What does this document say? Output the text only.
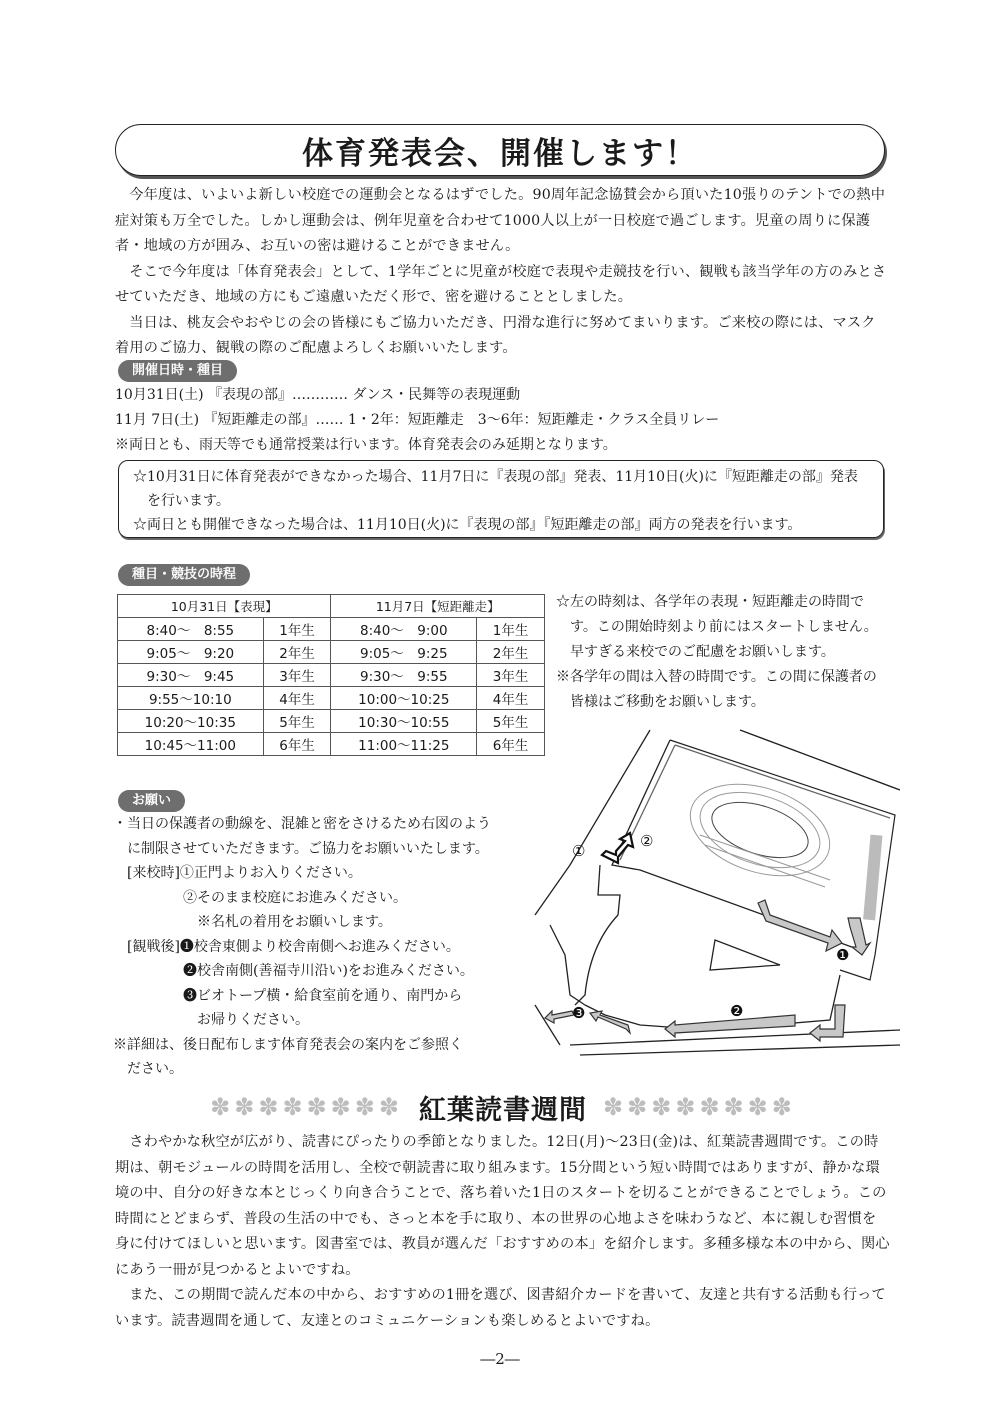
体育発表会、開催します！

今年度は、いよいよ新しい校庭での運動会となるはずでした。90周年記念協賛会から頂いた10張りのテントでの熱中症対策も万全でした。しかし運動会は、例年児童を合わせて1000人以上が一日校庭で過ごします。児童の周りに保護者・地域の方が囲み、お互いの密は避けることができません。

そこで今年度は「体育発表会」として、1学年ごとに児童が校庭で表現や走競技を行い、観戦も該当学年の方のみとさせていただき、地域の方にもご遠慮いただく形で、密を避けることとしました。

当日は、桃友会やおやじの会の皆様にもご協力いただき、円滑な進行に努めてまいります。ご来校の際には、マスク着用のご協力、観戦の際のご配慮よろしくお願いいたします。

開催日時・種目
10月31日(土) 『表現の部』………… ダンス・民舞等の表現運動
11月 7日(土) 『短距離走の部』…… 1・2年：短距離走　3～6年：短距離走・クラス全員リレー
※両日とも、雨天等でも通常授業は行います。体育発表会のみ延期となります。
☆10月31日に体育発表ができなかった場合、11月7日に『表現の部』発表、11月10日(火)に『短距離走の部』発表を行います。
☆両日とも開催できなった場合は、11月10日(火)に『表現の部』『短距離走の部』両方の発表を行います。
種目・競技の時程
10月31日【表現】		11月7日【短距離走】	
8:40～　8:55	1年生	8:40～　9:00	1年生
9:05～　9:20	2年生	9:05～　9:25	2年生
9:30～　9:45	3年生	9:30～　9:55	3年生
9:55～10:10	4年生	10:00～10:25	4年生
10:20～10:35	5年生	10:30～10:55	5年生
10:45～11:00	6年生	11:00～11:25	6年生
☆左の時刻は、各学年の表現・短距離走の時間です。この開始時刻より前にはスタートしません。早すぎる来校でのご配慮をお願いします。
※各学年の間は入替の時間です。この間に保護者の皆様はご移動をお願いします。
お願い
・当日の保護者の動線を、混雑と密をさけるため右図のよう
　に制限させていただきます。ご協力をお願いいたします。
　[来校時]①正門よりお入りください。
　　　　　②そのまま校庭にお進みください。
　　　　　　※名札の着用をお願いします。
　[観戦後]❶校舎東側より校舎南側へお進みください。
　　　　　❷校舎南側(善福寺川沿い)をお進みください。
　　　　　❸ビオトープ横・給食室前を通り、南門から
　　　　　　お帰りください。
※詳細は、後日配布します体育発表会の案内をご参照く
　ださい。
①
②
❶
❷
❸
✽✽✽✽✽✽✽✽ 紅葉読書週間 ✽✽✽✽✽✽✽✽

さわやかな秋空が広がり、読書にぴったりの季節となりました。12日(月)～23日(金)は、紅葉読書週間です。この時期は、朝モジュールの時間を活用し、全校で朝読書に取り組みます。15分間という短い時間ではありますが、静かな環境の中、自分の好きな本とじっくり向き合うことで、落ち着いた1日のスタートを切ることができることでしょう。この時間にとどまらず、普段の生活の中でも、さっと本を手に取り、本の世界の心地よさを味わうなど、本に親しむ習慣を身に付けてほしいと思います。図書室では、教員が選んだ「おすすめの本」を紹介します。多種多様な本の中から、関心にあう一冊が見つかるとよいですね。

また、この期間で読んだ本の中から、おすすめの1冊を選び、図書紹介カードを書いて、友達と共有する活動も行っています。読書週間を通して、友達とのコミュニケーションも楽しめるとよいですね。

―2―
